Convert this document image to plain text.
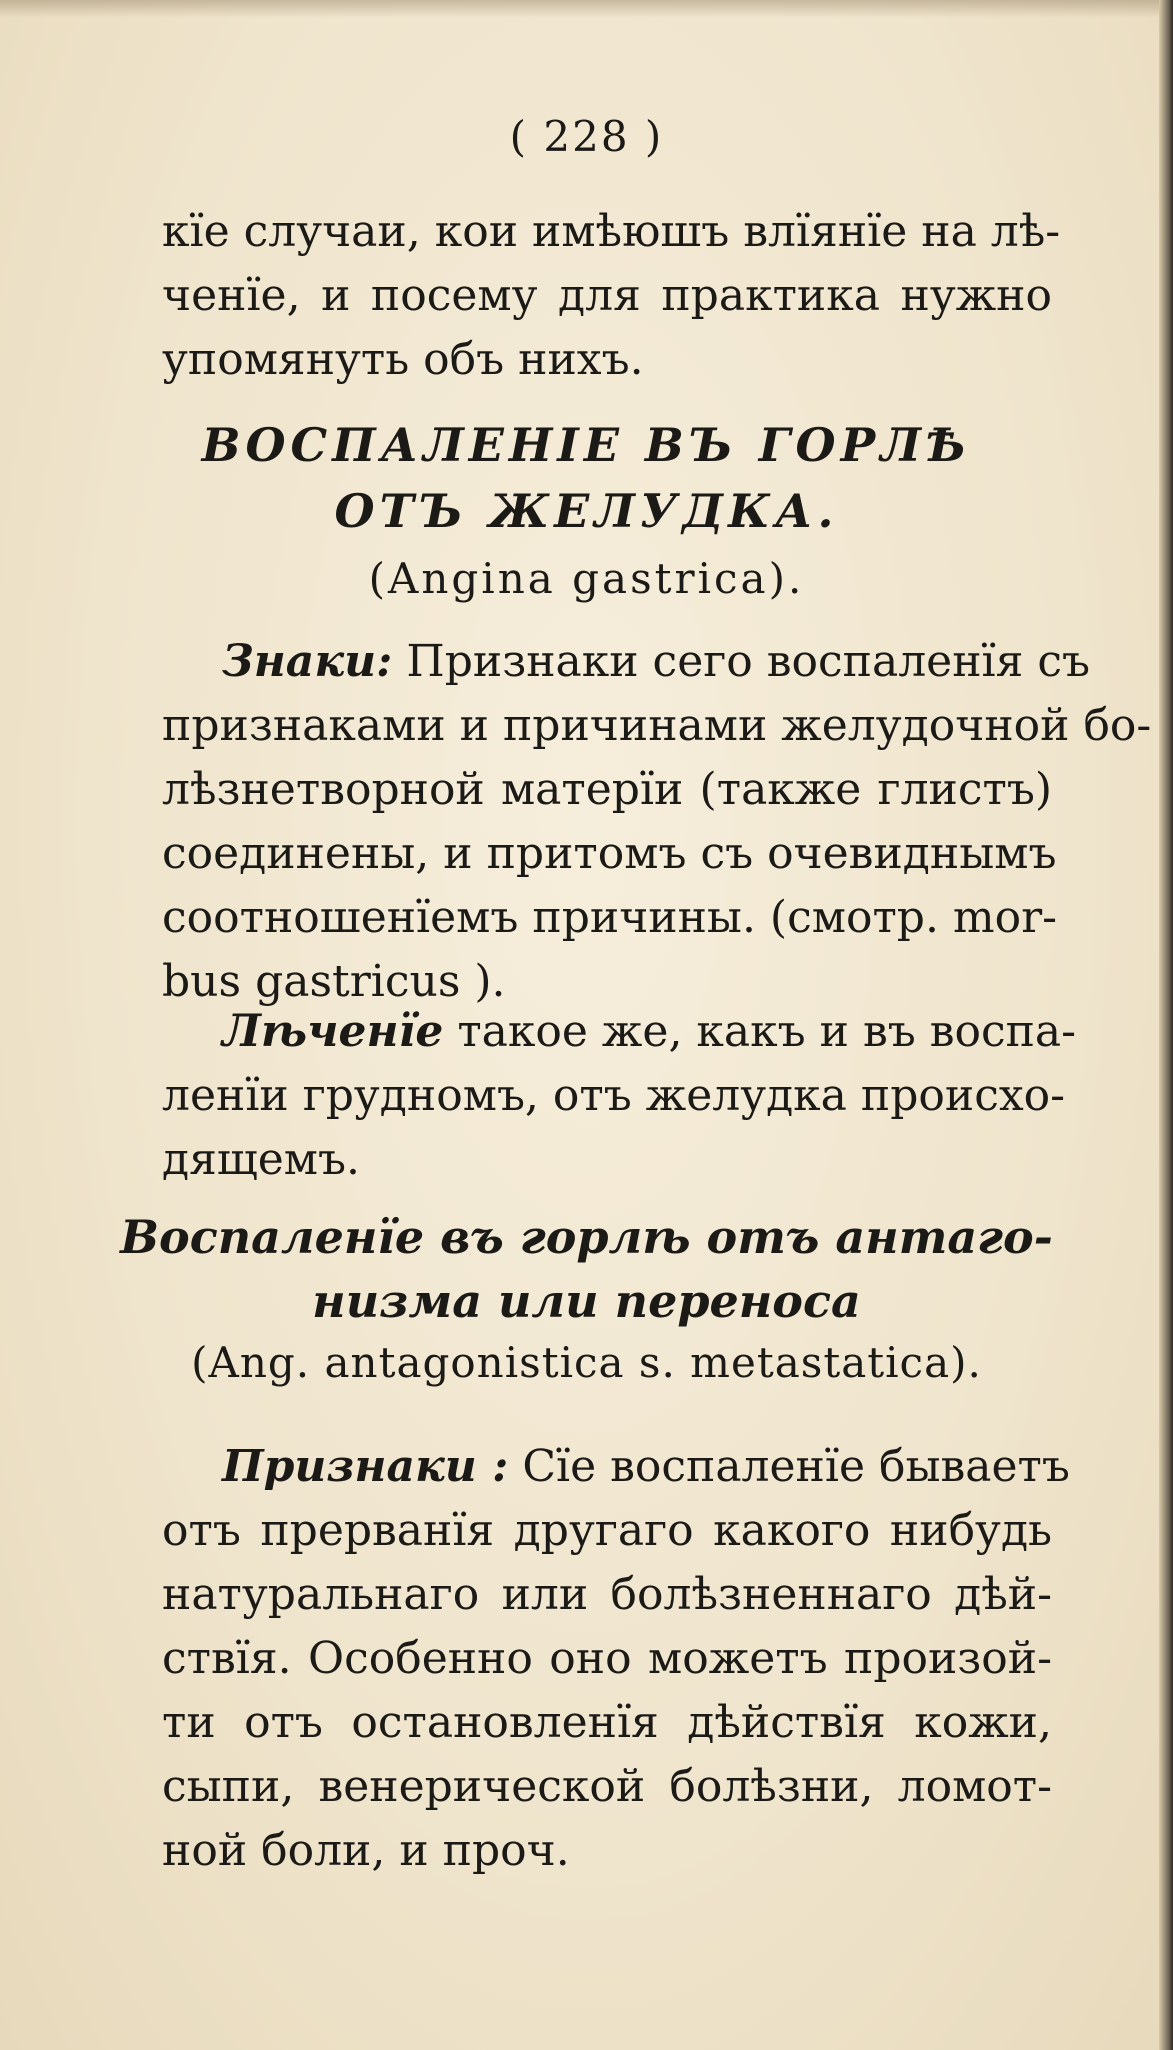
( 228 )
кїе случаи, кои имѣюшъ влїянїе на лѣ-
ченїе, и посему для практика нужно
упомянуть объ нихъ.
ВОСПАЛЕНІЕ ВЪ ГОРЛѢ
ОТЪ ЖЕЛУДКА.
(Angina gastrica).
Знаки: Признаки сего воспаленїя съ
признаками и причинами желудочной бо-
лѣзнетворной матерїи (также глистъ)
соединены, и притомъ съ очевиднымъ
соотношенїемъ причины. (смотр. mor-
bus gastricus ).
Лѣченїе такое же, какъ и въ воспа-
ленїи грудномъ, отъ желудка происхо-
дящемъ.
Воспаленїе въ горлѣ отъ антаго-
низма или переноса
(Ang. antagonistica s. metastatica).
Признаки : Сїе воспаленїе бываетъ
отъ прерванїя другаго какого нибудь
натуральнаго или болѣзненнаго дѣй-
ствїя. Особенно оно можетъ произой-
ти отъ остановленїя дѣйствїя кожи,
сыпи, венерической болѣзни, ломот-
ной боли, и проч.
